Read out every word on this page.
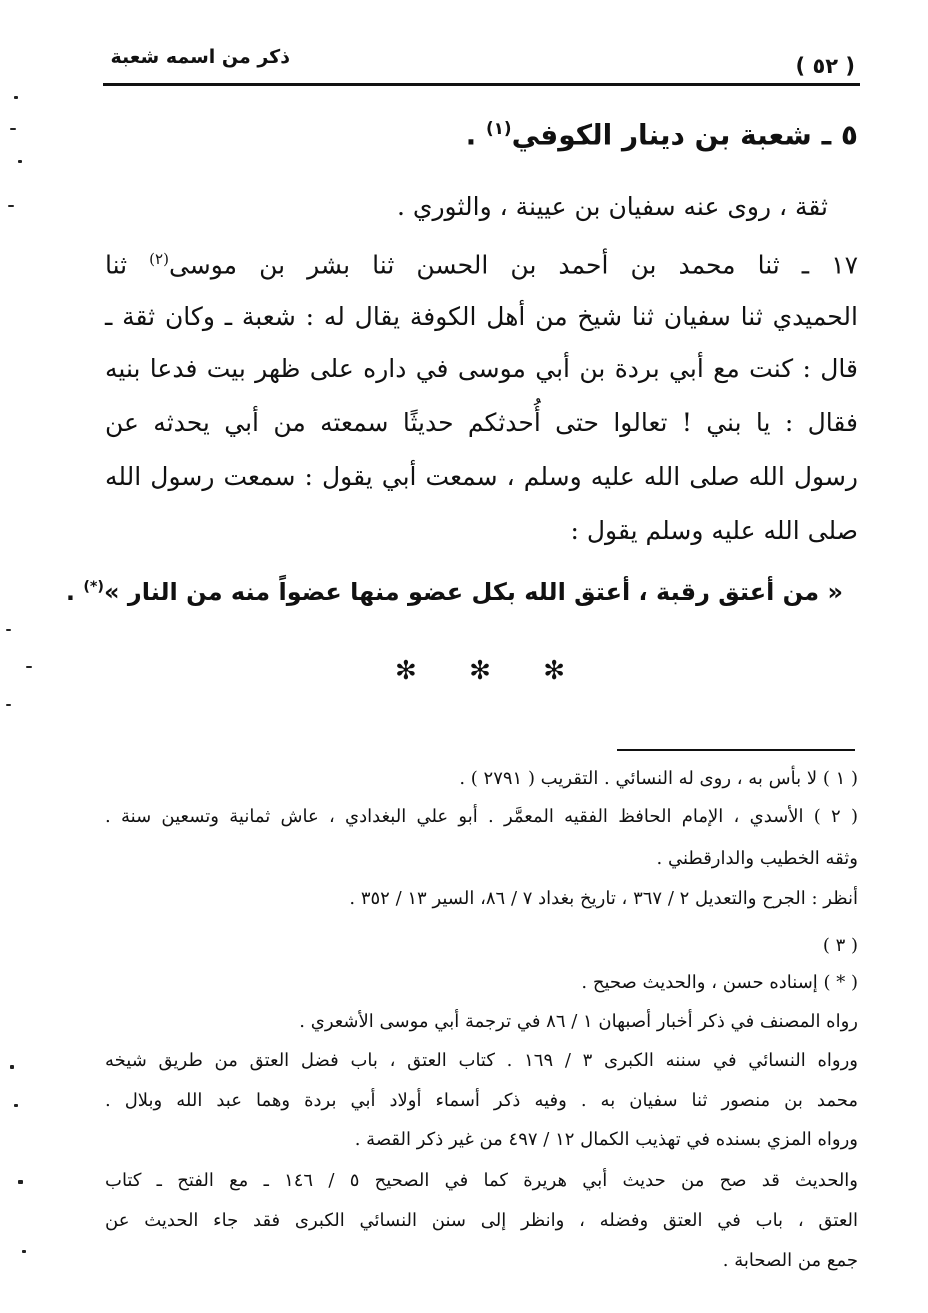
ذكر من اسمه شعبة	( ٥٢ )
٥ ـ شعبة بن دينار الكوفي$^{(١)}$ .
ثقة ، روى عنه سفيان بن عيينة ، والثوري .
١٧ ـ ثنا محمد بن أحمد بن الحسن ثنا بشر بن موسى$^{(٢)}$ ثنا
الحميدي ثنا سفيان ثنا شيخ من أهل الكوفة يقال له : شعبة ـ وكان ثقة ـ
قال : كنت مع أبي بردة بن أبي موسى في داره على ظهر بيت فدعا بنيه
فقال : يا بني ! تعالوا حتى أُحدثكم حديثًا سمعته من أبي يحدثه عن
رسول الله صلى الله عليه وسلم ، سمعت أبي يقول : سمعت رسول الله
صلى الله عليه وسلم يقول :
« من أعتق رقبة ، أعتق الله بكل عضو منها عضواً منه من النار »(*) .
✻
✻
✻
( ١ ) لا بأس به ، روى له النسائي . التقريب ( ٢٧٩١ ) .
( ٢ ) الأسدي ، الإمام الحافظ الفقيه المعمَّر . أبو علي البغدادي ، عاش ثمانية وتسعين سنة .
وثقه الخطيب والدارقطني .
أنظر : الجرح والتعديل ٢ / ٣٦٧ ، تاريخ بغداد ٧ / ٨٦، السير ١٣ / ٣٥٢ .
( ٣ )
( * ) إسناده حسن ، والحديث صحيح .
رواه المصنف في ذكر أخبار أصبهان ١ / ٨٦ في ترجمة أبي موسى الأشعري .
ورواه النسائي في سننه الكبرى ٣ / ١٦٩ . كتاب العتق ، باب فضل العتق من طريق شيخه
محمد بن منصور ثنا سفيان به . وفيه ذكر أسماء أولاد أبي بردة وهما عبد الله وبلال .
ورواه المزي بسنده في تهذيب الكمال ١٢ / ٤٩٧ من غير ذكر القصة .
والحديث قد صح من حديث أبي هريرة كما في الصحيح ٥ / ١٤٦ ـ مع الفتح ـ كتاب
العتق ، باب في العتق وفضله ، وانظر إلى سنن النسائي الكبرى فقد جاء الحديث عن
جمع من الصحابة .
